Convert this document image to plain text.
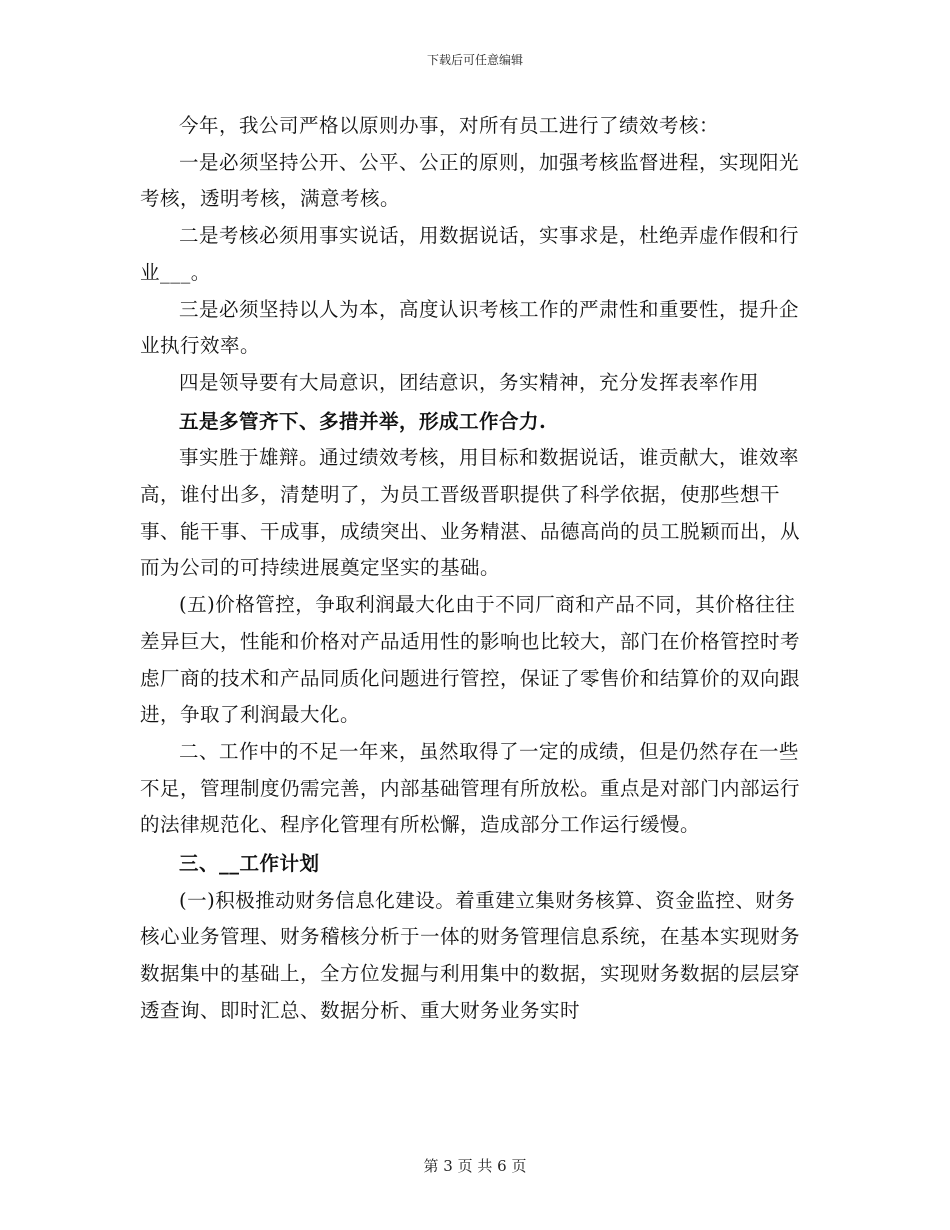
下载后可任意编辑

今年，我公司严格以原则办事，对所有员工进行了绩效考核：

一是必须坚持公开、公平、公正的原则，加强考核监督进程，实现阳光考核，透明考核，满意考核。

二是考核必须用事实说话，用数据说话，实事求是，杜绝弄虚作假和行业___。

三是必须坚持以人为本，高度认识考核工作的严肃性和重要性，提升企业执行效率。

四是领导要有大局意识，团结意识，务实精神，充分发挥表率作用

五是多管齐下、多措并举，形成工作合力.

事实胜于雄辩。通过绩效考核，用目标和数据说话，谁贡献大，谁效率高，谁付出多，清楚明了，为员工晋级晋职提供了科学依据，使那些想干事、能干事、干成事，成绩突出、业务精湛、品德高尚的员工脱颖而出，从而为公司的可持续进展奠定坚实的基础。

(五)价格管控，争取利润最大化由于不同厂商和产品不同，其价格往往差异巨大，性能和价格对产品适用性的影响也比较大，部门在价格管控时考虑厂商的技术和产品同质化问题进行管控，保证了零售价和结算价的双向跟进，争取了利润最大化。

二、工作中的不足一年来，虽然取得了一定的成绩，但是仍然存在一些不足，管理制度仍需完善，内部基础管理有所放松。重点是对部门内部运行的法律规范化、程序化管理有所松懈，造成部分工作运行缓慢。

三、__工作计划

(一)积极推动财务信息化建设。着重建立集财务核算、资金监控、财务核心业务管理、财务稽核分析于一体的财务管理信息系统，在基本实现财务数据集中的基础上，全方位发掘与利用集中的数据，实现财务数据的层层穿透查询、即时汇总、数据分析、重大财务业务实时

第 3 页 共 6 页
